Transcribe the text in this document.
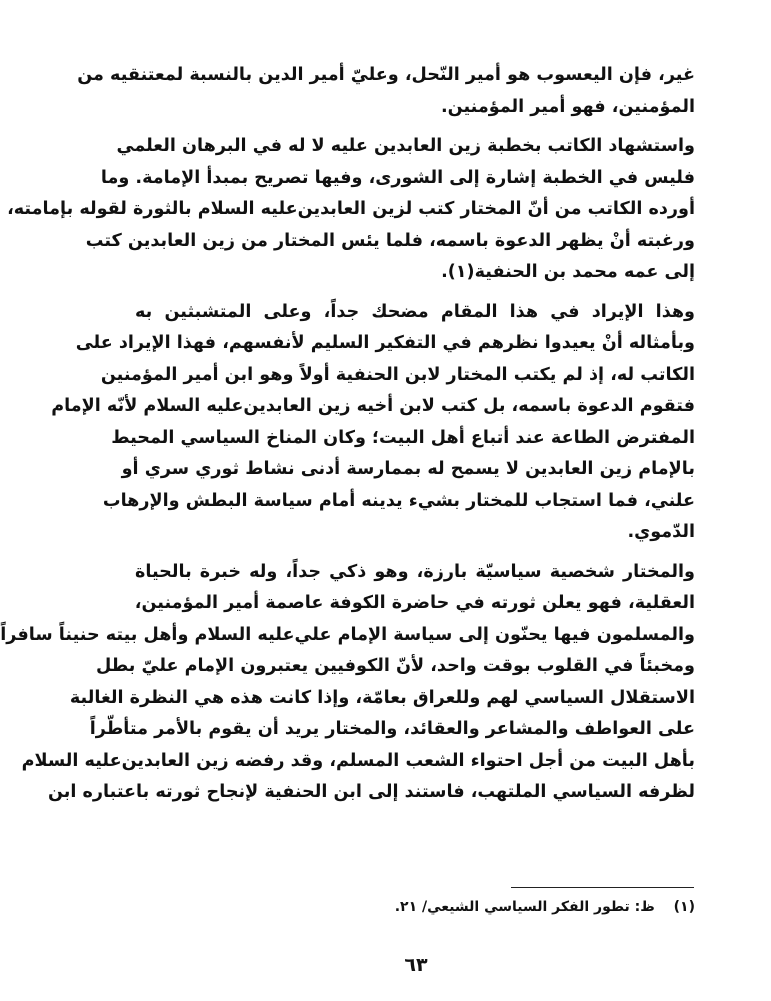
غير، فإن اليعسوب هو أمير النّحل، وعليّ أمير الدين بالنسبة لمعتنقيه من
المؤمنين، فهو أمير المؤمنين.

واستشهاد الكاتب بخطبة زين العابدين عليه لا له في البرهان العلمي
فليس في الخطبة إشارة إلى الشورى، وفيها تصريح بمبدأ الإمامة. وما
أورده الكاتب من أنّ المختار كتب لزين العابدين‌عليه السلام بالثورة لقوله بإمامته،
ورغبته أنْ يظهر الدعوة باسمه، فلما يئس المختار من زين العابدين كتب
إلى عمه محمد بن الحنفية(١).

وهذا الإيراد في هذا المقام مضحك جداً، وعلى المتشبثين به
وبأمثاله أنْ يعيدوا نظرهم في التفكير السليم لأنفسهم، فهذا الإيراد على
الكاتب له، إذ لم يكتب المختار لابن الحنفية أولاً وهو ابن أمير المؤمنين
فتقوم الدعوة باسمه، بل كتب لابن أخيه زين العابدين‌عليه السلام لأنّه الإمام
المفترض الطاعة عند أتباع أهل البيت؛ وكان المناخ السياسي المحيط
بالإمام زين العابدين لا يسمح له بممارسة أدنى نشاط ثوري سري أو
علني، فما استجاب للمختار بشيء يدينه أمام سياسة البطش والإرهاب
الدّموي.

والمختار شخصية سياسيّة بارزة، وهو ذكي جداً، وله خبرة بالحياة
العقلية، فهو يعلن ثورته في حاضرة الكوفة عاصمة أمير المؤمنين،
والمسلمون فيها يحنّون إلى سياسة الإمام علي‌عليه السلام وأهل بيته حنيناً سافراً
ومخبئاً في القلوب بوقت واحد، لأنّ الكوفيين يعتبرون الإمام عليّ بطل
الاستقلال السياسي لهم وللعراق بعامّة، وإذا كانت هذه هي النظرة الغالبة
على العواطف والمشاعر والعقائد، والمختار يريد أن يقوم بالأمر متأطّراً
بأهل البيت من أجل احتواء الشعب المسلم، وقد رفضه زين العابدين‌عليه السلام
لظرفه السياسي الملتهب، فاستند إلى ابن الحنفية لإنجاح ثورته باعتباره ابن

(١) ظ: تطور الفكر السياسي الشيعي/ ٢١.
٦٣
